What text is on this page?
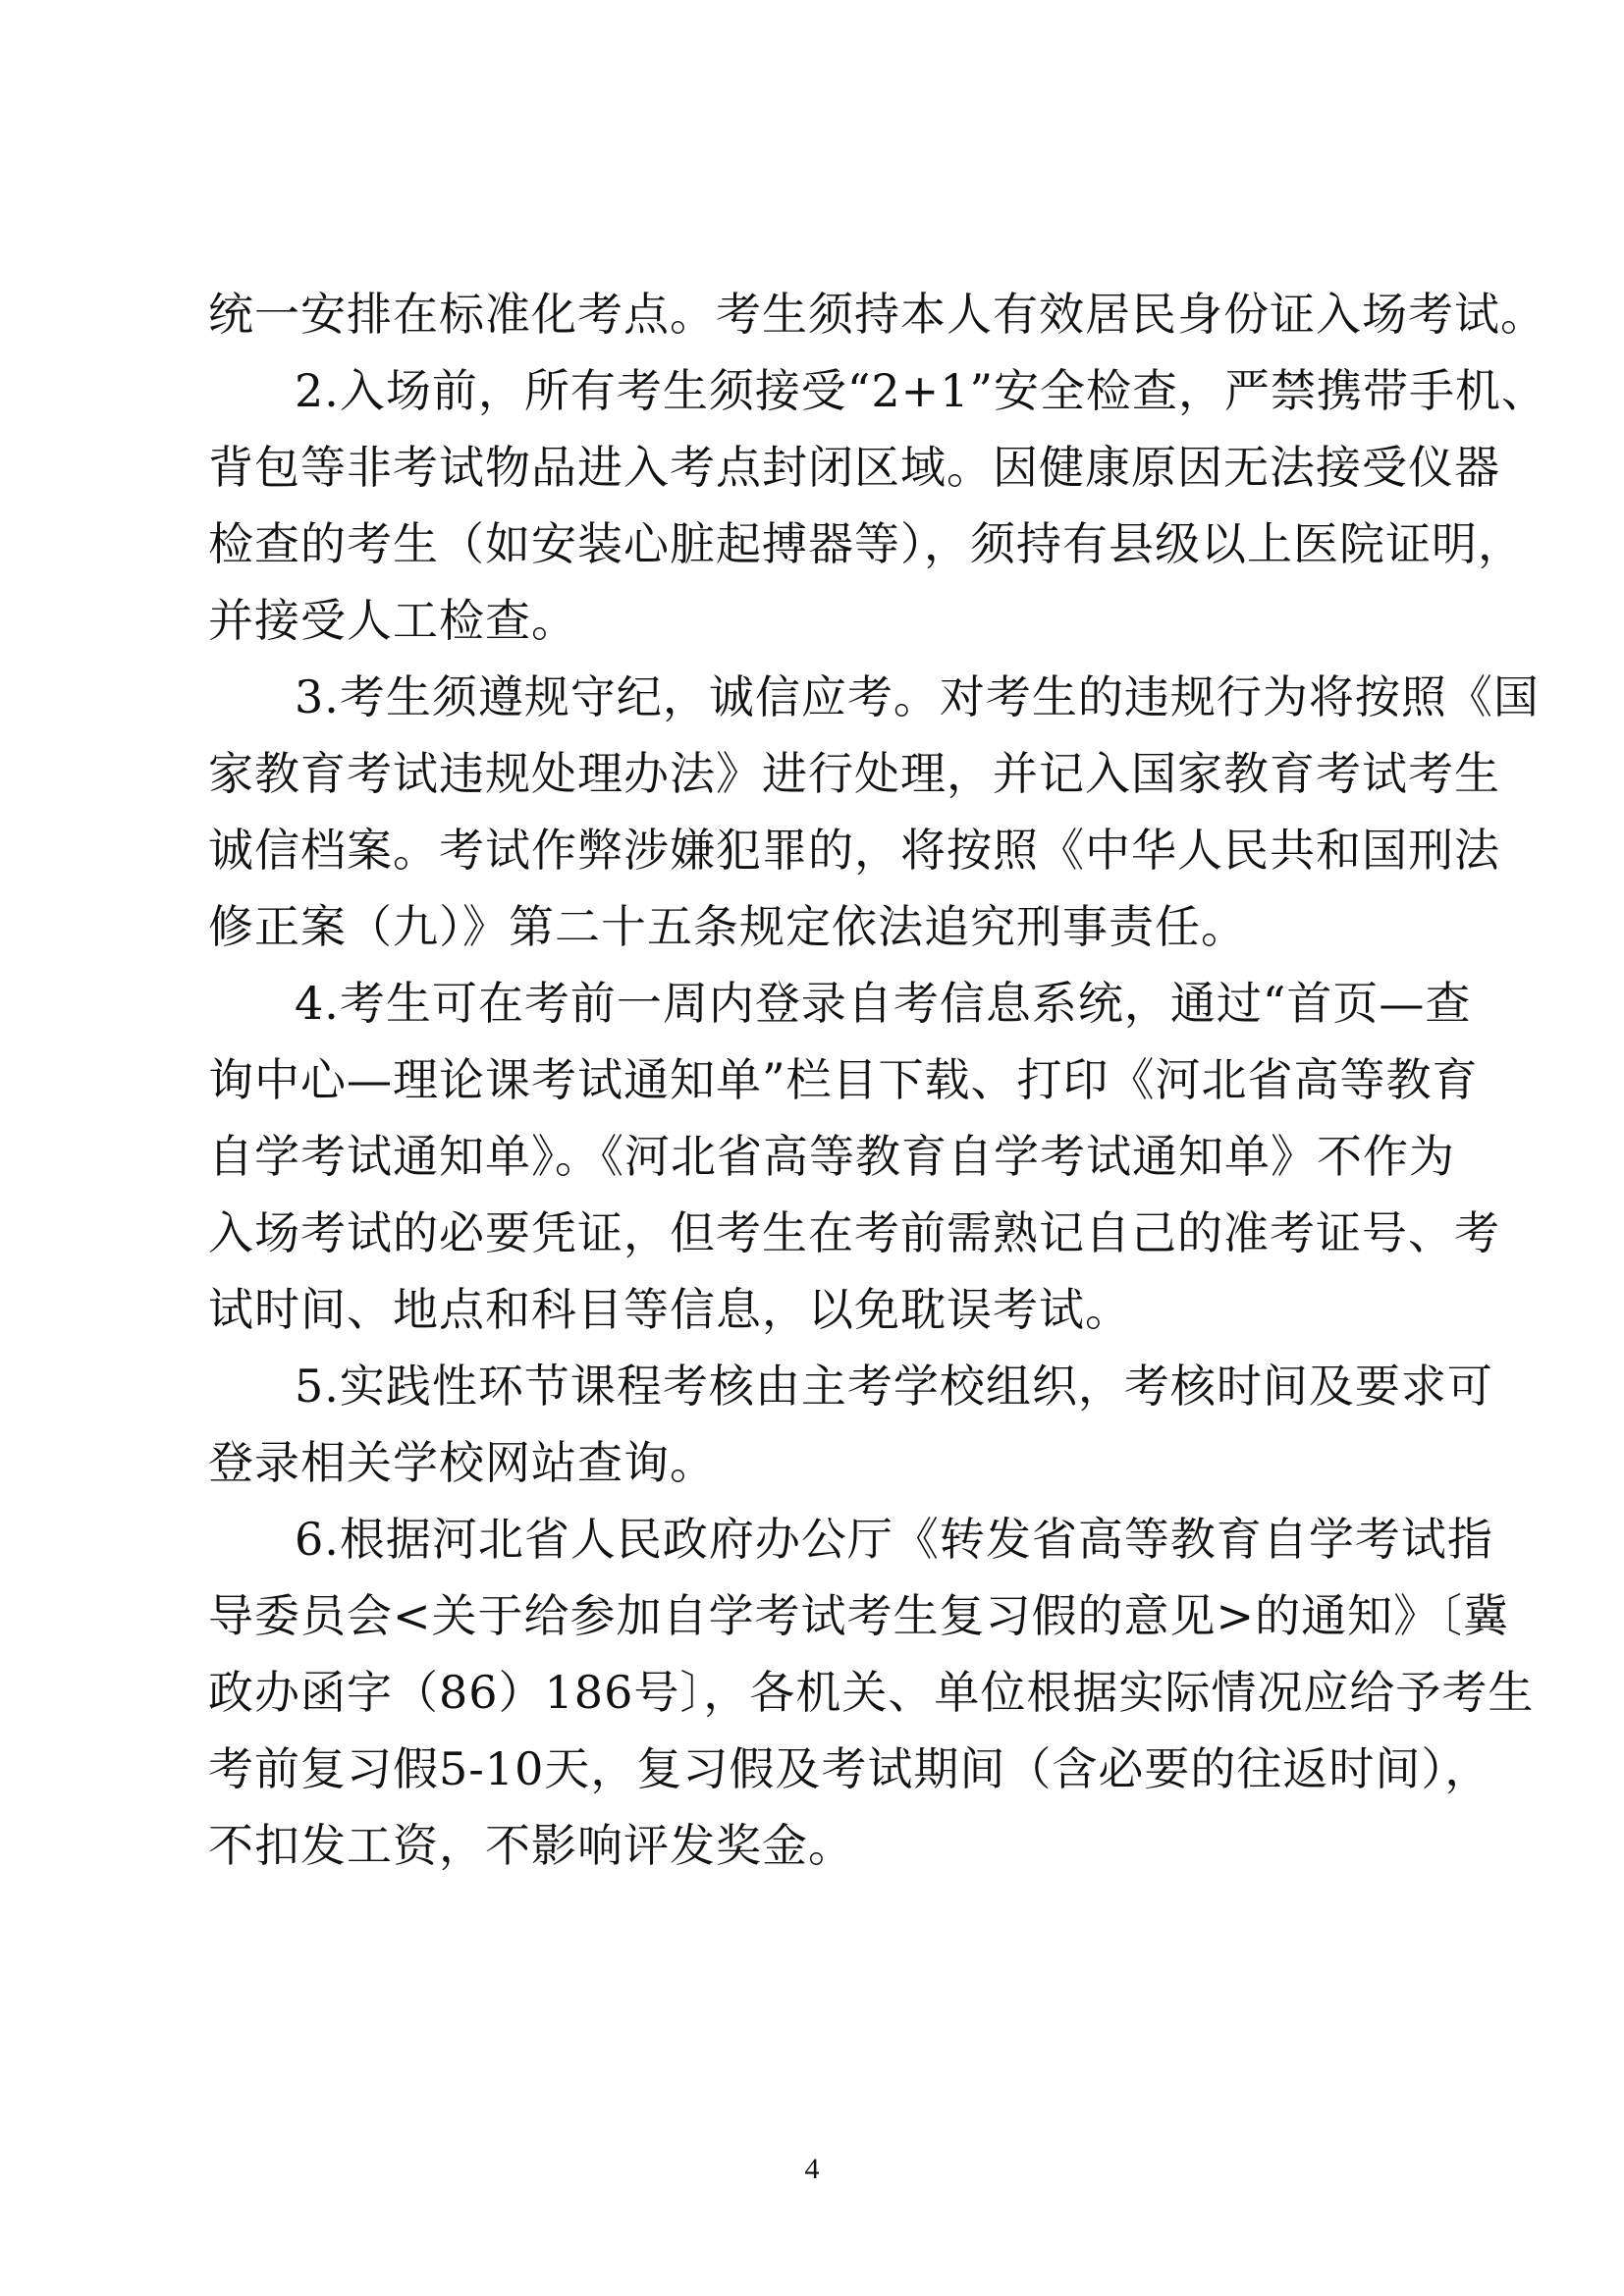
统一安排在标准化考点。考生须持本人有效居民身份证入场考试。
2.入场前，所有考生须接受“2+1”安全检查，严禁携带手机、
背包等非考试物品进入考点封闭区域。因健康原因无法接受仪器
检查的考生（如安装心脏起搏器等），须持有县级以上医院证明，
并接受人工检查。
3.考生须遵规守纪，诚信应考。对考生的违规行为将按照《国
家教育考试违规处理办法》进行处理，并记入国家教育考试考生
诚信档案。考试作弊涉嫌犯罪的，将按照《中华人民共和国刑法
修正案（九）》第二十五条规定依法追究刑事责任。
4.考生可在考前一周内登录自考信息系统，通过“首页—查
询中心—理论课考试通知单”栏目下载、打印《河北省高等教育
自学考试通知单》。《河北省高等教育自学考试通知单》不作为
入场考试的必要凭证，但考生在考前需熟记自己的准考证号、考
试时间、地点和科目等信息，以免耽误考试。
5.实践性环节课程考核由主考学校组织，考核时间及要求可
登录相关学校网站查询。
6.根据河北省人民政府办公厅《转发省高等教育自学考试指
导委员会<关于给参加自学考试考生复习假的意见>的通知》〔冀
政办函字（86）186号〕，各机关、单位根据实际情况应给予考生
考前复习假5-10天，复习假及考试期间（含必要的往返时间），
不扣发工资，不影响评发奖金。
4
